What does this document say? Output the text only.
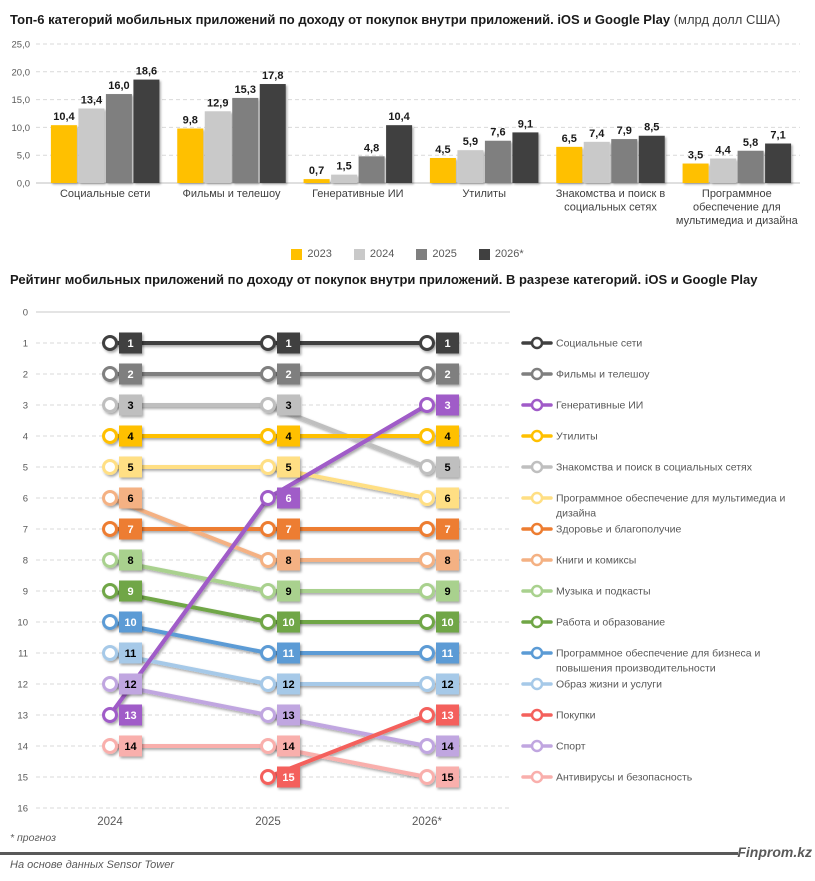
Топ-6 категорий мобильных приложений по доходу от покупок внутри приложений. iOS и Google Play (млрд долл США)
0,0
5,0
10,0
15,0
20,0
25,0
10,4
13,4
16,0
18,6
Социальные сети
9,8
12,9
15,3
17,8
Фильмы и телешоу
0,7 1,5
4,8
10,4
Генеративные ИИ
4,5
5,9
7,6
9,1
Утилиты
6,5 7,4 7,9 8,5
Знакомства и поиск в социальных сетях
3,5 4,4
5,8
7,1
Программное обеспечение для мультимедиа и дизайна
2023	2024	2025	2026*
Рейтинг мобильных приложений по доходу от покупок внутри приложений. В разрезе категорий. iOS и Google Play
0
1
2
3
4
5
6
7
8
9
10
11
12
13
14
15
16
2024	2025	2026*
1	1	1
2	2	2
13
6
3
4	4	4
3	3
5
5	5
6
7	7	7
6
8	8
8
9	9
9
10	10
10
11	11
11
12	12
15
13
12
13
14
14	14
15
Социальные сети
Фильмы и телешоу
Генеративные ИИ
Утилиты
Знакомства и поиск в социальных сетях
Программное обеспечение для мультимедиа и дизайна
Здоровье и благополучие
Книги и комиксы
Музыка и подкасты
Работа и образование
Программное обеспечение для бизнеса и повышения производительности
Образ жизни и услуги
Покупки
Спорт
Антивирусы и безопасность
* прогноз
Finprom.kz
На основе данных Sensor Tower
